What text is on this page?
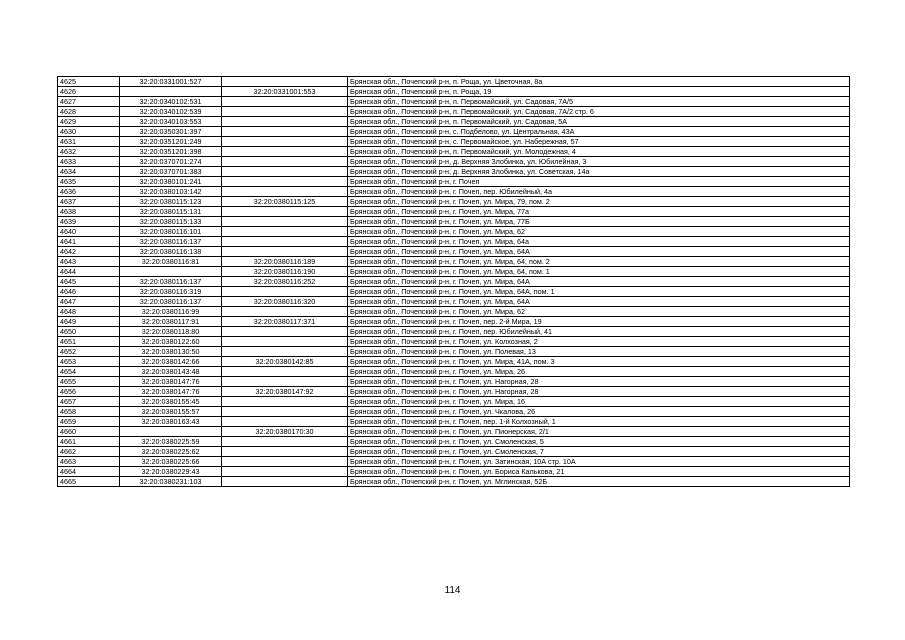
4625	32:20:0331001:527		Брянская обл., Почепский р-н, п. Роща, ул. Цветочная, 8а
4626		32:20:0331001:553	Брянская обл., Почепский р-н, п. Роща, 19
4627	32:20:0340102:531		Брянская обл., Почепский р-н, п. Первомайский, ул. Садовая, 7А/5
4628	32:20:0340102:539		Брянская обл., Почепский р-н, п. Первомайский, ул. Садовая, 7А/2 стр. 6
4629	32:20:0340103:553		Брянская обл., Почепский р-н, п. Первомайский, ул. Садовая, 5А
4630	32:20:0350301:397		Брянская обл., Почепский р-н, с. Подбелово, ул. Центральная, 43А
4631	32:20:0351201:249		Брянская обл., Почепский р-н, с. Первомайское, ул. Набережная, 57
4632	32:20:0351201:398		Брянская обл., Почепский р-н, п. Первомайский, ул. Молодежная, 4
4633	32:20:0370701:274		Брянская обл., Почепский р-н, д. Верхняя Злобинка, ул. Юбилейная, 3
4634	32:20:0370701:383		Брянская обл., Почепский р-н, д. Верхняя Злобинка, ул. Советская, 14а
4635	32:20:0380101:241		Брянская обл., Почепский р-н, г. Почеп
4636	32:20:0380103:142		Брянская обл., Почепский р-н, г. Почеп, пер. Юбилейный, 4а
4637	32:20:0380115:123	32:20:0380115:125	Брянская обл., Почепский р-н, г. Почеп, ул. Мира, 79, пом. 2
4638	32:20:0380115:131		Брянская обл., Почепский р-н, г. Почеп, ул. Мира, 77а
4639	32:20:0380115:133		Брянская обл., Почепский р-н, г. Почеп, ул. Мира, 77Б
4640	32:20:0380116:101		Брянская обл., Почепский р-н, г. Почеп, ул. Мира, 62
4641	32:20:0380116:137		Брянская обл., Почепский р-н, г. Почеп, ул. Мира, 64а
4642	32:20:0380116:138		Брянская обл., Почепский р-н, г. Почеп, ул. Мира, 64А
4643	32:20:0380116:81	32:20:0380116:189	Брянская обл., Почепский р-н, г. Почеп, ул. Мира, 64, пом. 2
4644		32:20:0380116:190	Брянская обл., Почепский р-н, г. Почеп, ул. Мира, 64, пом. 1
4645	32:20:0380116:137	32:20:0380116:252	Брянская обл., Почепский р-н, г. Почеп, ул. Мира, 64А
4646	32:20:0380116:319		Брянская обл., Почепский р-н, г. Почеп, ул. Мира, 64А, пом. 1
4647	32:20:0380116:137	32:20:0380116:320	Брянская обл., Почепский р-н, г. Почеп, ул. Мира, 64А
4648	32:20:0380116:99		Брянская обл., Почепский р-н, г. Почеп, ул. Мира, 62
4649	32:20:0380117:91	32:20:0380117:371	Брянская обл., Почепский р-н, г. Почеп, пер. 2-й Мира, 19
4650	32:20:0380118:80		Брянская обл., Почепский р-н, г. Почеп, пер. Юбилейный, 41
4651	32:20:0380122:60		Брянская обл., Почепский р-н, г. Почеп, ул. Колхозная, 2
4652	32:20:0380130:50		Брянская обл., Почепский р-н, г. Почеп, ул. Полевая, 13
4653	32:20:0380142:66	32:20:0380142:85	Брянская обл., Почепский р-н, г. Почеп, ул. Мира, 41А, пом. 3
4654	32:20:0380143:48		Брянская обл., Почепский р-н, г. Почеп, ул. Мира, 26
4655	32:20:0380147:76		Брянская обл., Почепский р-н, г. Почеп, ул. Нагорная, 28
4656	32:20:0380147:76	32:20:0380147:92	Брянская обл., Почепский р-н, г. Почеп, ул. Нагорная, 28
4657	32:20:0380155:45		Брянская обл., Почепский р-н, г. Почеп, ул. Мира, 16
4658	32:20:0380155:57		Брянская обл., Почепский р-н, г. Почеп, ул. Чкалова, 26
4659	32:20:0380163:43		Брянская обл., Почепский р-н, г. Почеп, пер. 1-й Колхозный, 1
4660		32:20:0380170:30	Брянская обл., Почепский р-н, г. Почеп, ул. Пионерская, 2/1
4661	32:20:0380225:59		Брянская обл., Почепский р-н, г. Почеп, ул. Смоленская, 5
4662	32:20:0380225:62		Брянская обл., Почепский р-н, г. Почеп, ул. Смоленская, 7
4663	32:20:0380225:66		Брянская обл., Почепский р-н, г. Почеп, ул. Затинская, 10А стр. 10А
4664	32:20:0380229:43		Брянская обл., Почепский р-н, г. Почеп, ул. Бориса Калькова, 21
4665	32:20:0380231:103		Брянская обл., Почепский р-н, г. Почеп, ул. Мглинская, 52Б
114
